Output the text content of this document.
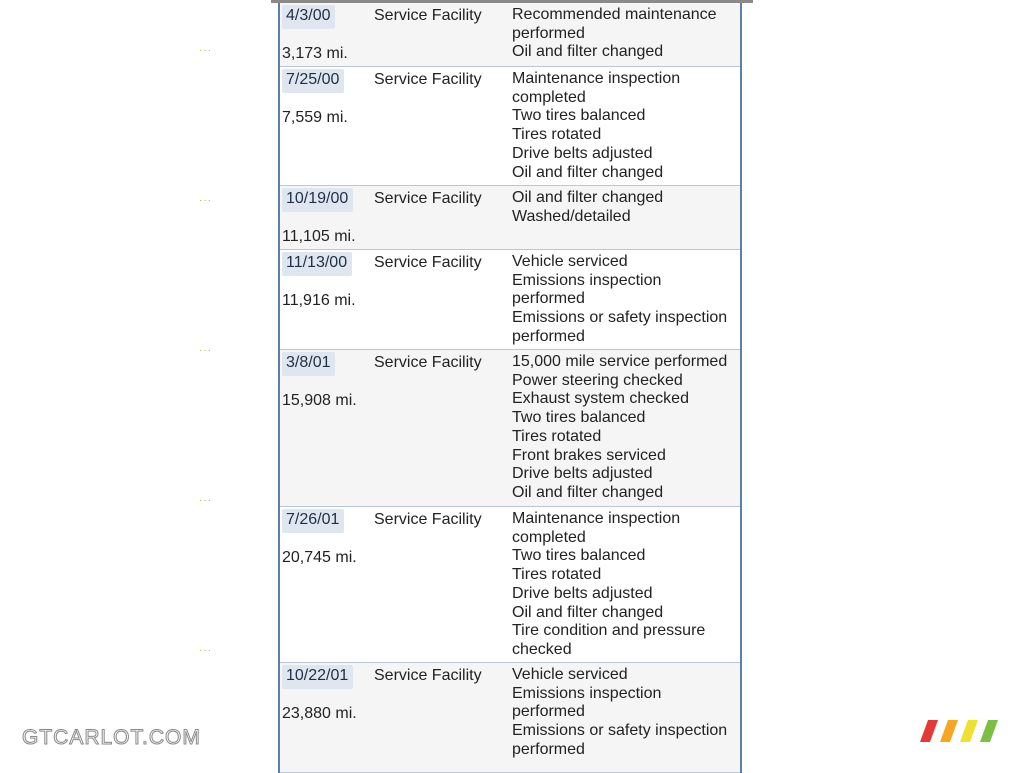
···
···
···
···
···
4/3/00
3,173 mi.
Service Facility Recommended maintenance
performed
Oil and filter changed
7/25/00
7,559 mi.
Service Facility Maintenance inspection
completed
Two tires balanced
Tires rotated
Drive belts adjusted
Oil and filter changed
10/19/00
11,105 mi.
Service Facility Oil and filter changed
Washed/detailed
11/13/00
11,916 mi.
Service Facility Vehicle serviced
Emissions inspection
performed
Emissions or safety inspection
performed
3/8/01
15,908 mi.
Service Facility 15,000 mile service performed
Power steering checked
Exhaust system checked
Two tires balanced
Tires rotated
Front brakes serviced
Drive belts adjusted
Oil and filter changed
7/26/01
20,745 mi.
Service Facility Maintenance inspection
completed
Two tires balanced
Tires rotated
Drive belts adjusted
Oil and filter changed
Tire condition and pressure
checked
10/22/01
23,880 mi.
Service Facility Vehicle serviced
Emissions inspection
performed
Emissions or safety inspection
performed
GTCARLOT.COM
